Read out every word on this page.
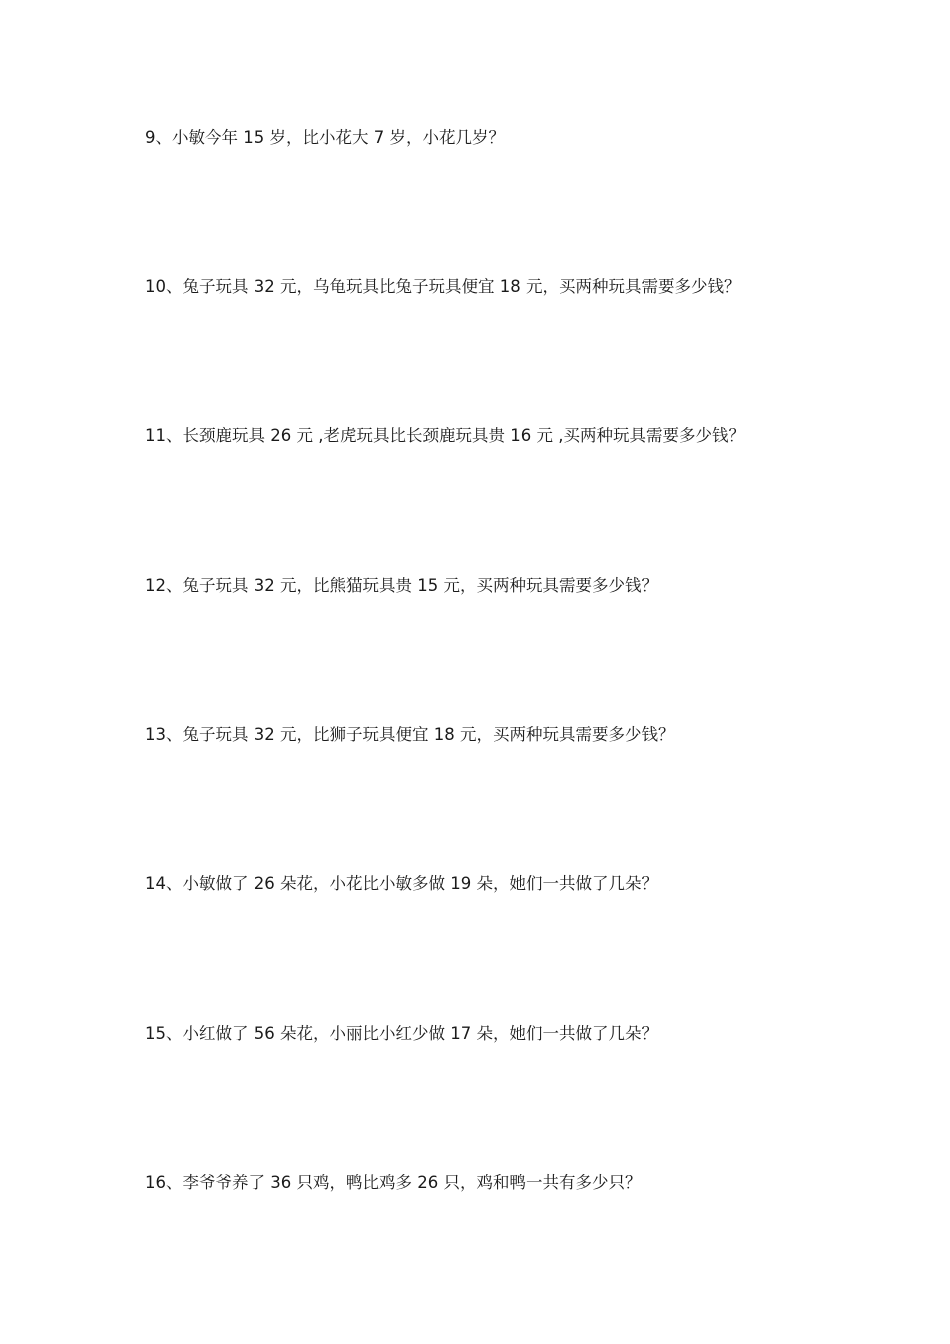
9、小敏今年 15 岁，比小花大 7 岁，小花几岁？
10、兔子玩具 32 元，乌龟玩具比兔子玩具便宜 18 元，买两种玩具需要多少钱？
11、长颈鹿玩具 26 元 ,老虎玩具比长颈鹿玩具贵 16 元 ,买两种玩具需要多少钱？
12、兔子玩具 32 元，比熊猫玩具贵 15 元，买两种玩具需要多少钱？
13、兔子玩具 32 元，比狮子玩具便宜 18 元，买两种玩具需要多少钱？
14、小敏做了 26 朵花，小花比小敏多做 19 朵，她们一共做了几朵？
15、小红做了 56 朵花，小丽比小红少做 17 朵，她们一共做了几朵？
16、李爷爷养了 36 只鸡，鸭比鸡多 26 只，鸡和鸭一共有多少只？
